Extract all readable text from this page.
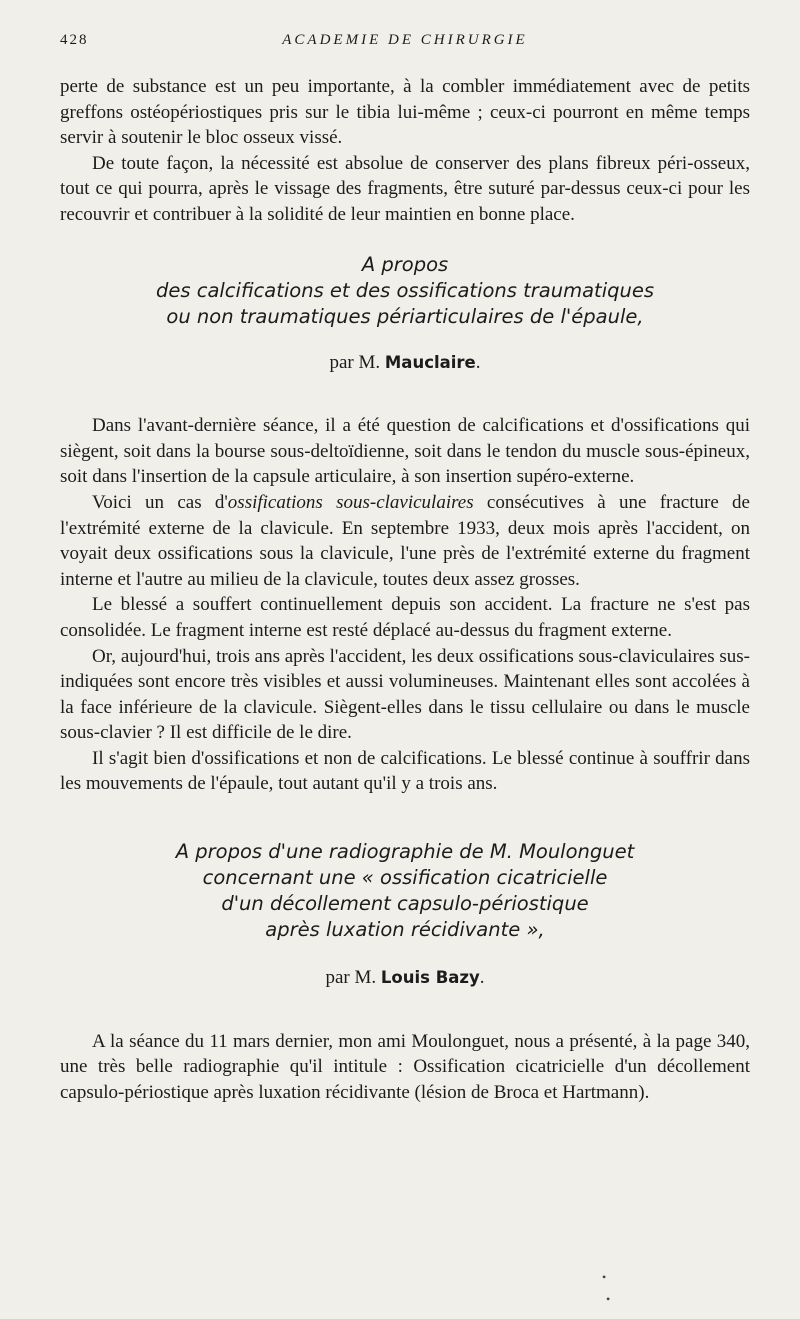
428	ACADEMIE DE CHIRURGIE

perte de substance est un peu importante, à la combler immédiatement avec de petits greffons ostéopériostiques pris sur le tibia lui-même ; ceux-ci pourront en même temps servir à soutenir le bloc osseux vissé.

De toute façon, la nécessité est absolue de conserver des plans fibreux péri-osseux, tout ce qui pourra, après le vissage des fragments, être suturé par-dessus ceux-ci pour les recouvrir et contribuer à la solidité de leur maintien en bonne place.

A propos

des calcifications et des ossifications traumatiques

ou non traumatiques périarticulaires de l'épaule,

par M. Mauclaire.

Dans l'avant-dernière séance, il a été question de calcifications et d'ossifications qui siègent, soit dans la bourse sous-deltoïdienne, soit dans le tendon du muscle sous-épineux, soit dans l'insertion de la capsule articulaire, à son insertion supéro-externe.

Voici un cas d'ossifications sous-claviculaires consécutives à une fracture de l'extrémité externe de la clavicule. En septembre 1933, deux mois après l'accident, on voyait deux ossifications sous la clavicule, l'une près de l'extrémité externe du fragment interne et l'autre au milieu de la clavicule, toutes deux assez grosses.

Le blessé a souffert continuellement depuis son accident. La fracture ne s'est pas consolidée. Le fragment interne est resté déplacé au-dessus du fragment externe.

Or, aujourd'hui, trois ans après l'accident, les deux ossifications sous-claviculaires sus-indiquées sont encore très visibles et aussi volumineuses. Maintenant elles sont accolées à la face inférieure de la clavicule. Siègent-elles dans le tissu cellulaire ou dans le muscle sous-clavier ? Il est difficile de le dire.

Il s'agit bien d'ossifications et non de calcifications. Le blessé continue à souffrir dans les mouvements de l'épaule, tout autant qu'il y a trois ans.

A propos d'une radiographie de M. Moulonguet

concernant une « ossification cicatricielle

d'un décollement capsulo-périostique

après luxation récidivante »,

par M. Louis Bazy.

A la séance du 11 mars dernier, mon ami Moulonguet, nous a présenté, à la page 340, une très belle radiographie qu'il intitule : Ossification cicatricielle d'un décollement capsulo-périostique après luxation récidivante (lésion de Broca et Hartmann).

•
•
